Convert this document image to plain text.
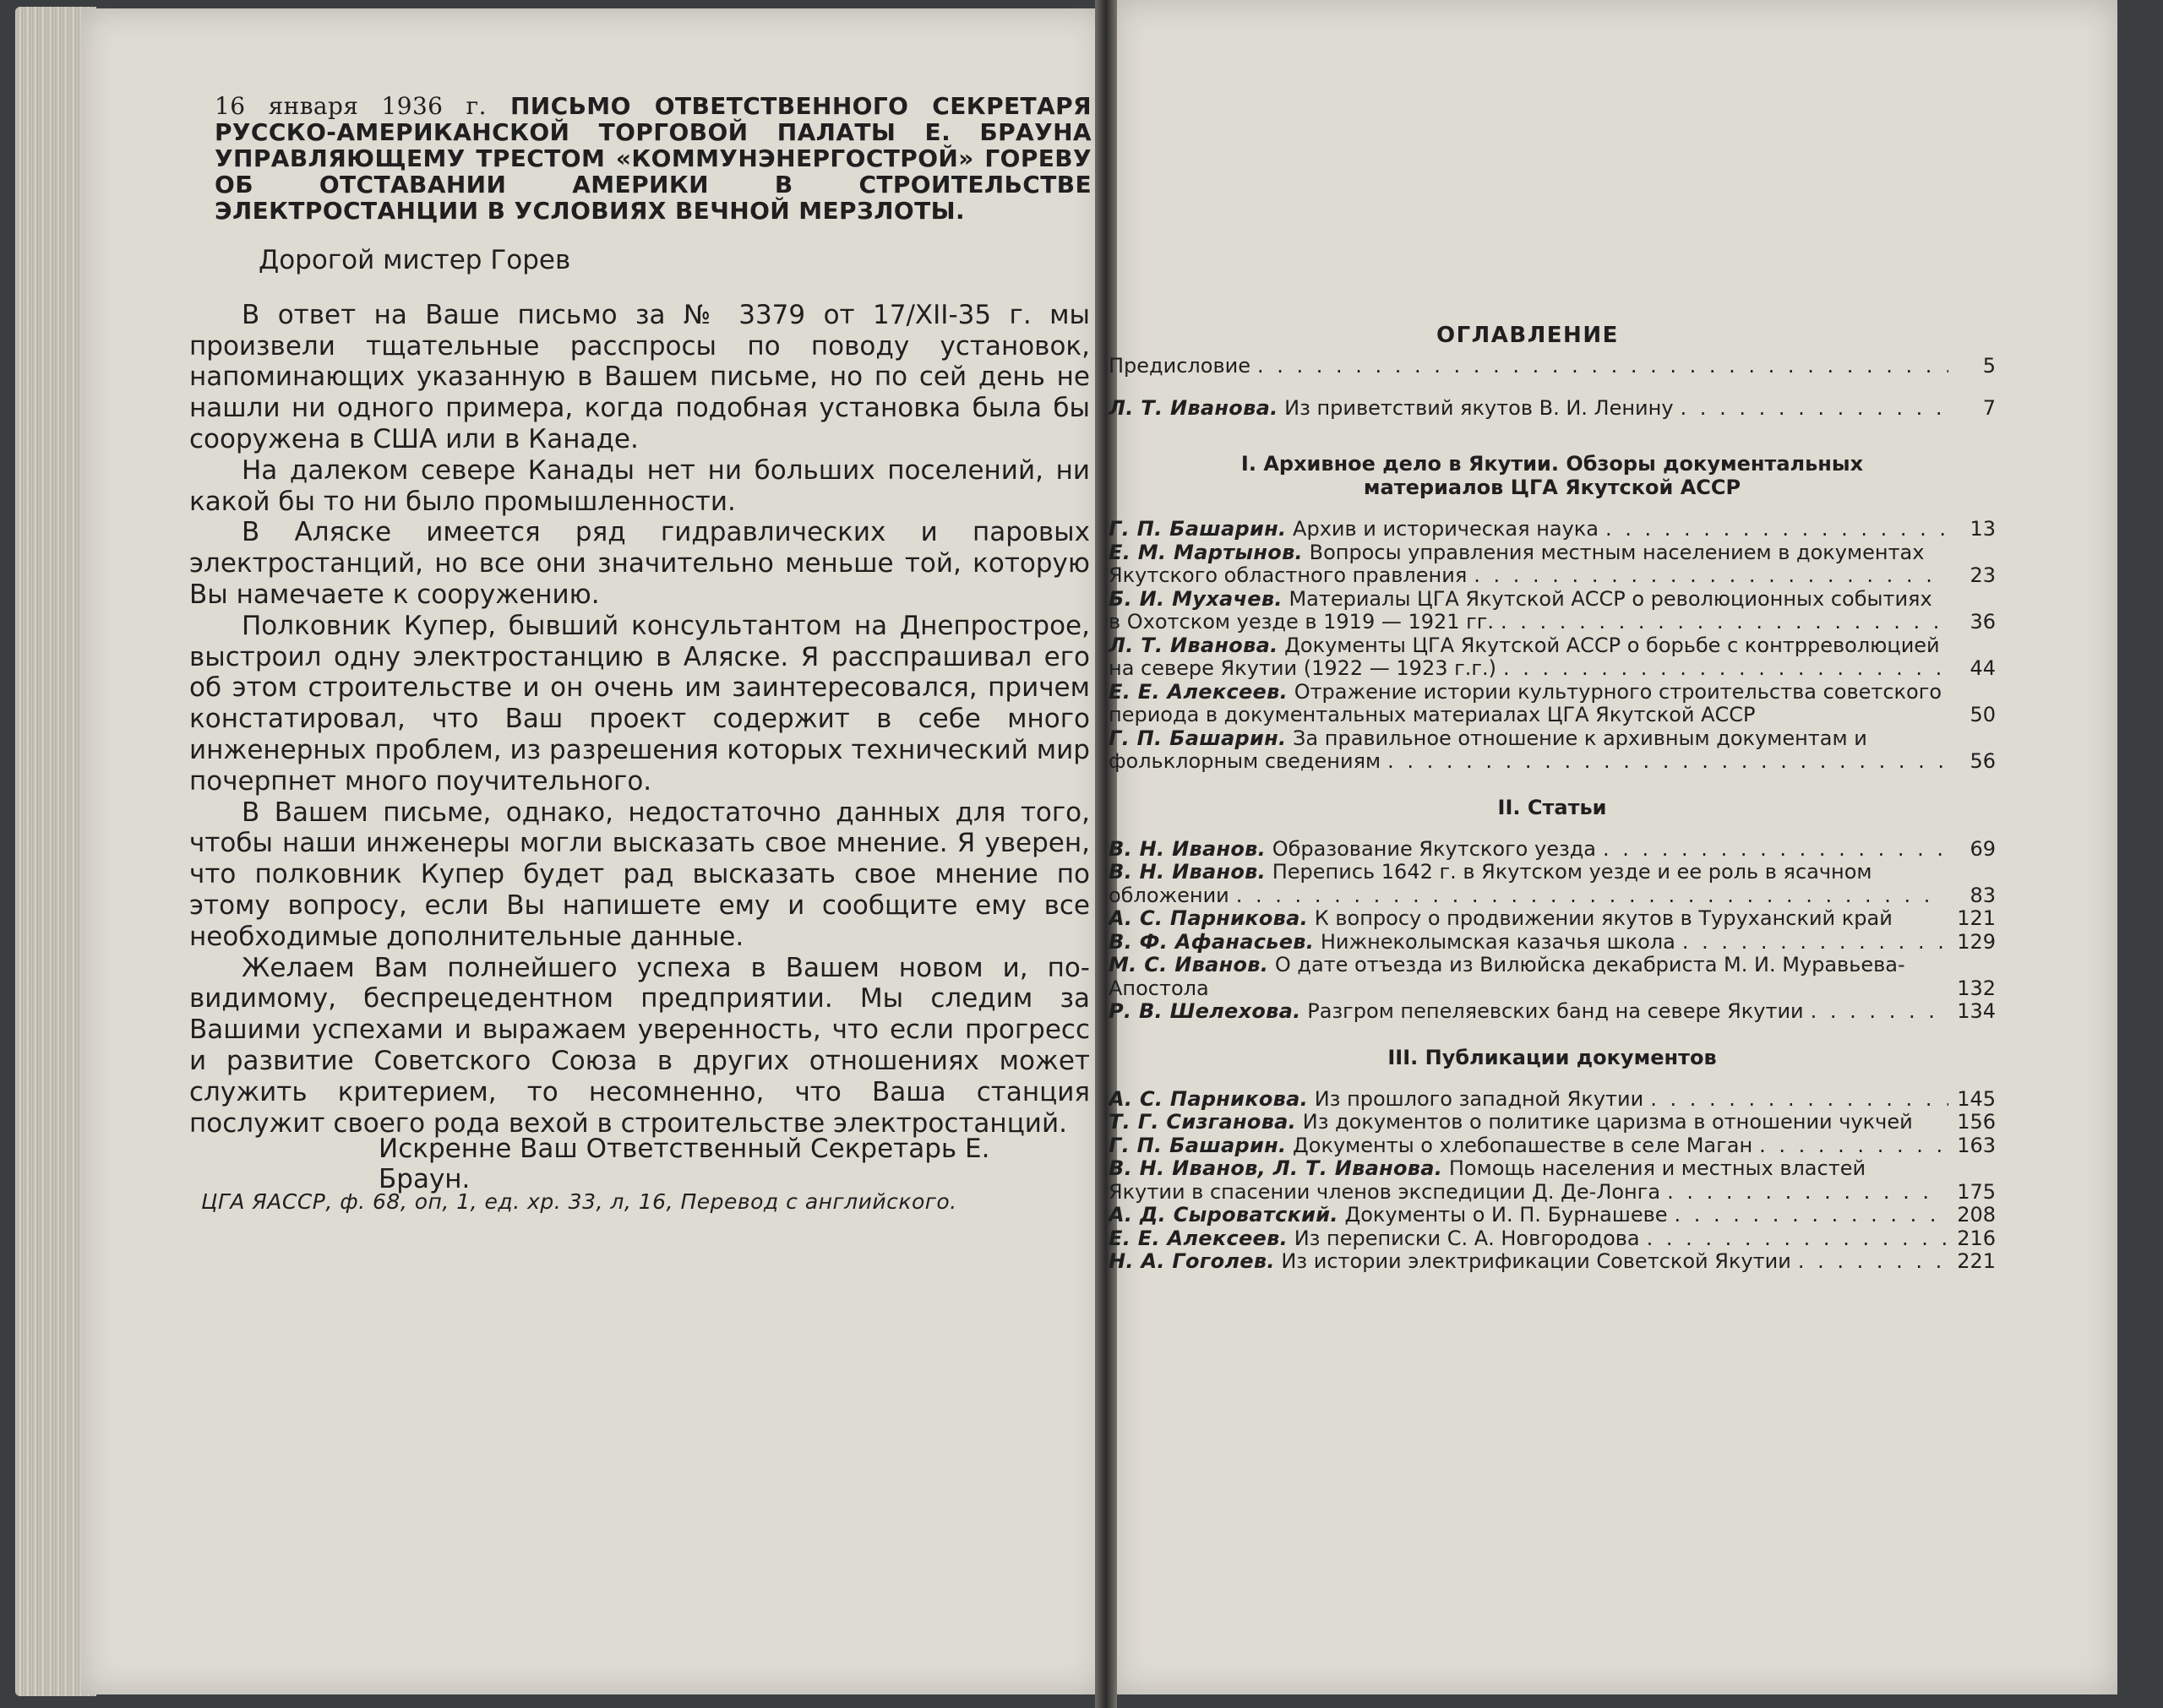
16 января 1936 г. ПИСЬМО ОТВЕТСТВЕННОГО СЕКРЕТАРЯ РУССКО-АМЕРИКАНСКОЙ ТОРГОВОЙ ПАЛАТЫ Е. БРАУНА УПРАВЛЯЮЩЕМУ ТРЕСТОМ «КОММУНЭНЕРГОСТРОЙ» ГОРЕВУ ОБ ОТСТАВАНИИ АМЕРИКИ В СТРОИТЕЛЬСТВЕ ЭЛЕКТРОСТАНЦИИ В УСЛОВИЯХ ВЕЧНОЙ МЕРЗЛОТЫ.

Дорогой мистер Горев

В ответ на Ваше письмо за № 3379 от 17/XII-35 г. мы произвели тщательные расспросы по поводу установок, напоминающих указанную в Вашем письме, но по сей день не нашли ни одного примера, когда подобная установка была бы сооружена в США или в Канаде.

На далеком севере Канады нет ни больших поселений, ни какой бы то ни было промышленности.

В Аляске имеется ряд гидравлических и паровых электростанций, но все они значительно меньше той, которую Вы намечаете к сооружению.

Полковник Купер, бывший консультантом на Днепрострое, выстроил одну электростанцию в Аляске. Я расспрашивал его об этом строительстве и он очень им заинтересовался, причем констатировал, что Ваш проект содержит в себе много инженерных проблем, из разрешения которых технический мир почерпнет много поучительного.

В Вашем письме, однако, недостаточно данных для того, чтобы наши инженеры могли высказать свое мнение. Я уверен, что полковник Купер будет рад высказать свое мнение по этому вопросу, если Вы напишете ему и сообщите ему все необходимые дополнительные данные.

Желаем Вам полнейшего успеха в Вашем новом и, по-видимому, беспрецедентном предприятии. Мы следим за Вашими успехами и выражаем уверенность, что если прогресс и развитие Советского Союза в других отношениях может служить критерием, то несомненно, что Ваша станция послужит своего рода вехой в строительстве электростанций.

Искренне Ваш Ответственный Секретарь Е. Браун.
ЦГА ЯАССР, ф. 68, оп, 1, ед. хр. 33, л, 16, Перевод с английского.
ОГЛАВЛЕНИЕ
Предисловие . . .	5
Л. Т. Иванова. Из приветствий якутов В. И. Ленину . . .	7
I. Архивное дело в Якутии. Обзоры документальных материалов ЦГА Якутской АССР
Г. П. Башарин. Архив и историческая наука . . .	13
Е. М. Мартынов. Вопросы управления местным населением в документах Якутского областного правления . . .	23
Б. И. Мухачев. Материалы ЦГА Якутской АССР о революционных событиях в Охотском уезде в 1919 — 1921 гг. . . .	36
Л. Т. Иванова. Документы ЦГА Якутской АССР о борьбе с контрреволюцией на севере Якутии (1922 — 1923 г.г.) . . .	44
Е. Е. Алексеев. Отражение истории культурного строительства советского периода в документальных материалах ЦГА Якутской АССР	50
Г. П. Башарин. За правильное отношение к архивным документам и фольклорным сведениям . . .	56
II. Статьи
В. Н. Иванов. Образование Якутского уезда . . .	69
В. Н. Иванов. Перепись 1642 г. в Якутском уезде и ее роль в ясачном обложении . . .	83
А. С. Парникова. К вопросу о продвижении якутов в Туруханский край	121
В. Ф. Афанасьев. Нижнеколымская казачья школа . . .	129
М. С. Иванов. О дате отъезда из Вилюйска декабриста М. И. Муравьева-Апостола	132
Р. В. Шелехова. Разгром пепеляевских банд на севере Якутии . . .	134
III. Публикации документов
А. С. Парникова. Из прошлого западной Якутии . . .	145
Т. Г. Сизганова. Из документов о политике царизма в отношении чукчей	156
Г. П. Башарин. Документы о хлебопашестве в селе Маган . . .	163
В. Н. Иванов, Л. Т. Иванова. Помощь населения и местных властей Якутии в спасении членов экспедиции Д. Де-Лонга . . .	175
А. Д. Сыроватский. Документы о И. П. Бурнашеве . . .	208
Е. Е. Алексеев. Из переписки С. А. Новгородова . . .	216
Н. А. Гоголев. Из истории электрификации Советской Якутии . . .	221
